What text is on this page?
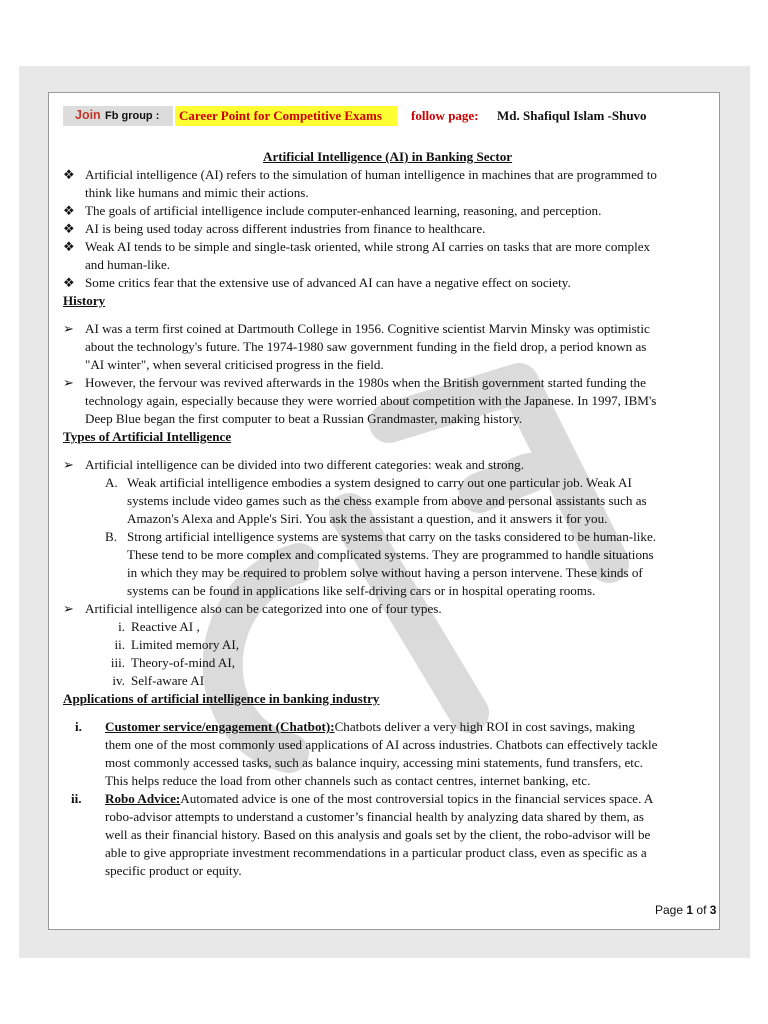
Join Fb group : Career Point for Competitive Exams follow page: Md. Shafiqul Islam -Shuvo
Artificial Intelligence (AI) in Banking Sector
❖ Artificial intelligence (AI) refers to the simulation of human intelligence in machines that are programmed to
think like humans and mimic their actions.
❖ The goals of artificial intelligence include computer-enhanced learning, reasoning, and perception.
❖ AI is being used today across different industries from finance to healthcare.
❖ Weak AI tends to be simple and single-task oriented, while strong AI carries on tasks that are more complex
and human-like.
❖ Some critics fear that the extensive use of advanced AI can have a negative effect on society.
History
➢ AI was a term first coined at Dartmouth College in 1956. Cognitive scientist Marvin Minsky was optimistic
about the technology's future. The 1974-1980 saw government funding in the field drop, a period known as
"AI winter", when several criticised progress in the field.
➢ However, the fervour was revived afterwards in the 1980s when the British government started funding the
technology again, especially because they were worried about competition with the Japanese. In 1997, IBM's
Deep Blue began the first computer to beat a Russian Grandmaster, making history.
Types of Artificial Intelligence
➢ Artificial intelligence can be divided into two different categories: weak and strong.
A. Weak artificial intelligence embodies a system designed to carry out one particular job. Weak AI
systems include video games such as the chess example from above and personal assistants such as
Amazon's Alexa and Apple's Siri. You ask the assistant a question, and it answers it for you.
B. Strong artificial intelligence systems are systems that carry on the tasks considered to be human-like.
These tend to be more complex and complicated systems. They are programmed to handle situations
in which they may be required to problem solve without having a person intervene. These kinds of
systems can be found in applications like self-driving cars or in hospital operating rooms.
➢ Artificial intelligence also can be categorized into one of four types.
i. Reactive AI ,
ii. Limited memory AI,
iii. Theory-of-mind AI,
iv. Self-aware AI
Applications of artificial intelligence in banking industry
i. Customer service/engagement (Chatbot):Chatbots deliver a very high ROI in cost savings, making
them one of the most commonly used applications of AI across industries. Chatbots can effectively tackle
most commonly accessed tasks, such as balance inquiry, accessing mini statements, fund transfers, etc.
This helps reduce the load from other channels such as contact centres, internet banking, etc.
ii. Robo Advice:Automated advice is one of the most controversial topics in the financial services space. A
robo-advisor attempts to understand a customer’s financial health by analyzing data shared by them, as
well as their financial history. Based on this analysis and goals set by the client, the robo-advisor will be
able to give appropriate investment recommendations in a particular product class, even as specific as a
specific product or equity.
Page 1 of 3
